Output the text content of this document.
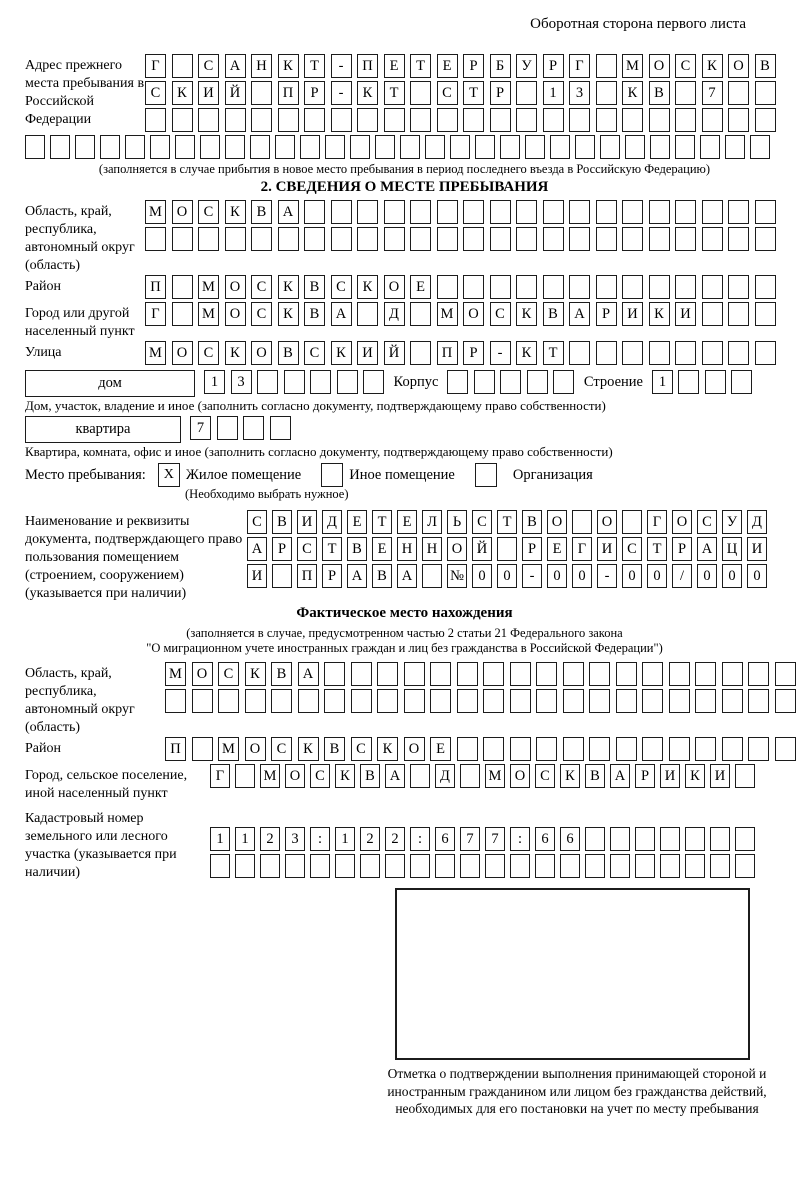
Оборотная сторона первого листа
Адрес прежнего места пребывания в Российской Федерации
Г	С	А	Н	К	Т	-	П	Е	Т	Е	Р	Б	У	Р	Г	М	О	С	К	О	В
С	К	И	Й	П	Р	-	К	Т	С	Т	Р	1	3	К	В	7
(заполняется в случае прибытия в новое место пребывания в период последнего въезда в Российскую Федерацию)
2. СВЕДЕНИЯ О МЕСТЕ ПРЕБЫВАНИЯ
Область, край, республика, автономный округ (область)
М	О	С	К	В	А
Район	П	М	О	С	К	В	С	К	О	Е
Город или другой населенный пункт
Г	М	О	С	К	В	А	Д	М	О	С	К	В	А	Р	И	К	И
Улица	М	О	С	К	О	В	С	К	И	Й	П	Р	-	К	Т
дом	1	3	Корпус	Строение	1
Дом, участок, владение и иное (заполнить согласно документу, подтверждающему право собственности)
квартира	7
Квартира, комната, офис и иное (заполнить согласно документу, подтверждающему право собственности)
Место пребывания:	X Жилое помещение	Иное помещение	Организация
(Необходимо выбрать нужное)
Наименование и реквизиты документа, подтверждающего право пользования помещением (строением, сооружением) (указывается при наличии)
С	В	И	Д	Е	Т	Е	Л	Ь	С	Т	В	О	О	Г	О	С	У	Д
А	Р	С	Т	В	Е	Н	Н	О	Й	Р	Е	Г	И	С	Т	Р	А	Ц	И
И	П	Р	А	В	А	№ 0	0	-	0	0	-	0	0	/	0	0	0
Фактическое место нахождения
(заполняется в случае, предусмотренном частью 2 статьи 21 Федерального закона
"О миграционном учете иностранных граждан и лиц без гражданства в Российской Федерации")
Область, край, республика, автономный округ (область)
М	О	С	К	В	А
Район	П	М	О	С	К	В	С	К	О	Е
Город, сельское поселение, иной населенный пункт
Г	М О	С	К	В	А	Д	М О	С	К	В	А	Р	И	К	И
Кадастровый номер земельного или лесного участка (указывается при наличии)
1	1	2	3	:	1	2	2	:	6	7	7	:	6	6
Отметка о подтверждении выполнения принимающей стороной и иностранным гражданином или лицом без гражданства действий, необходимых для его постановки на учет по месту пребывания
